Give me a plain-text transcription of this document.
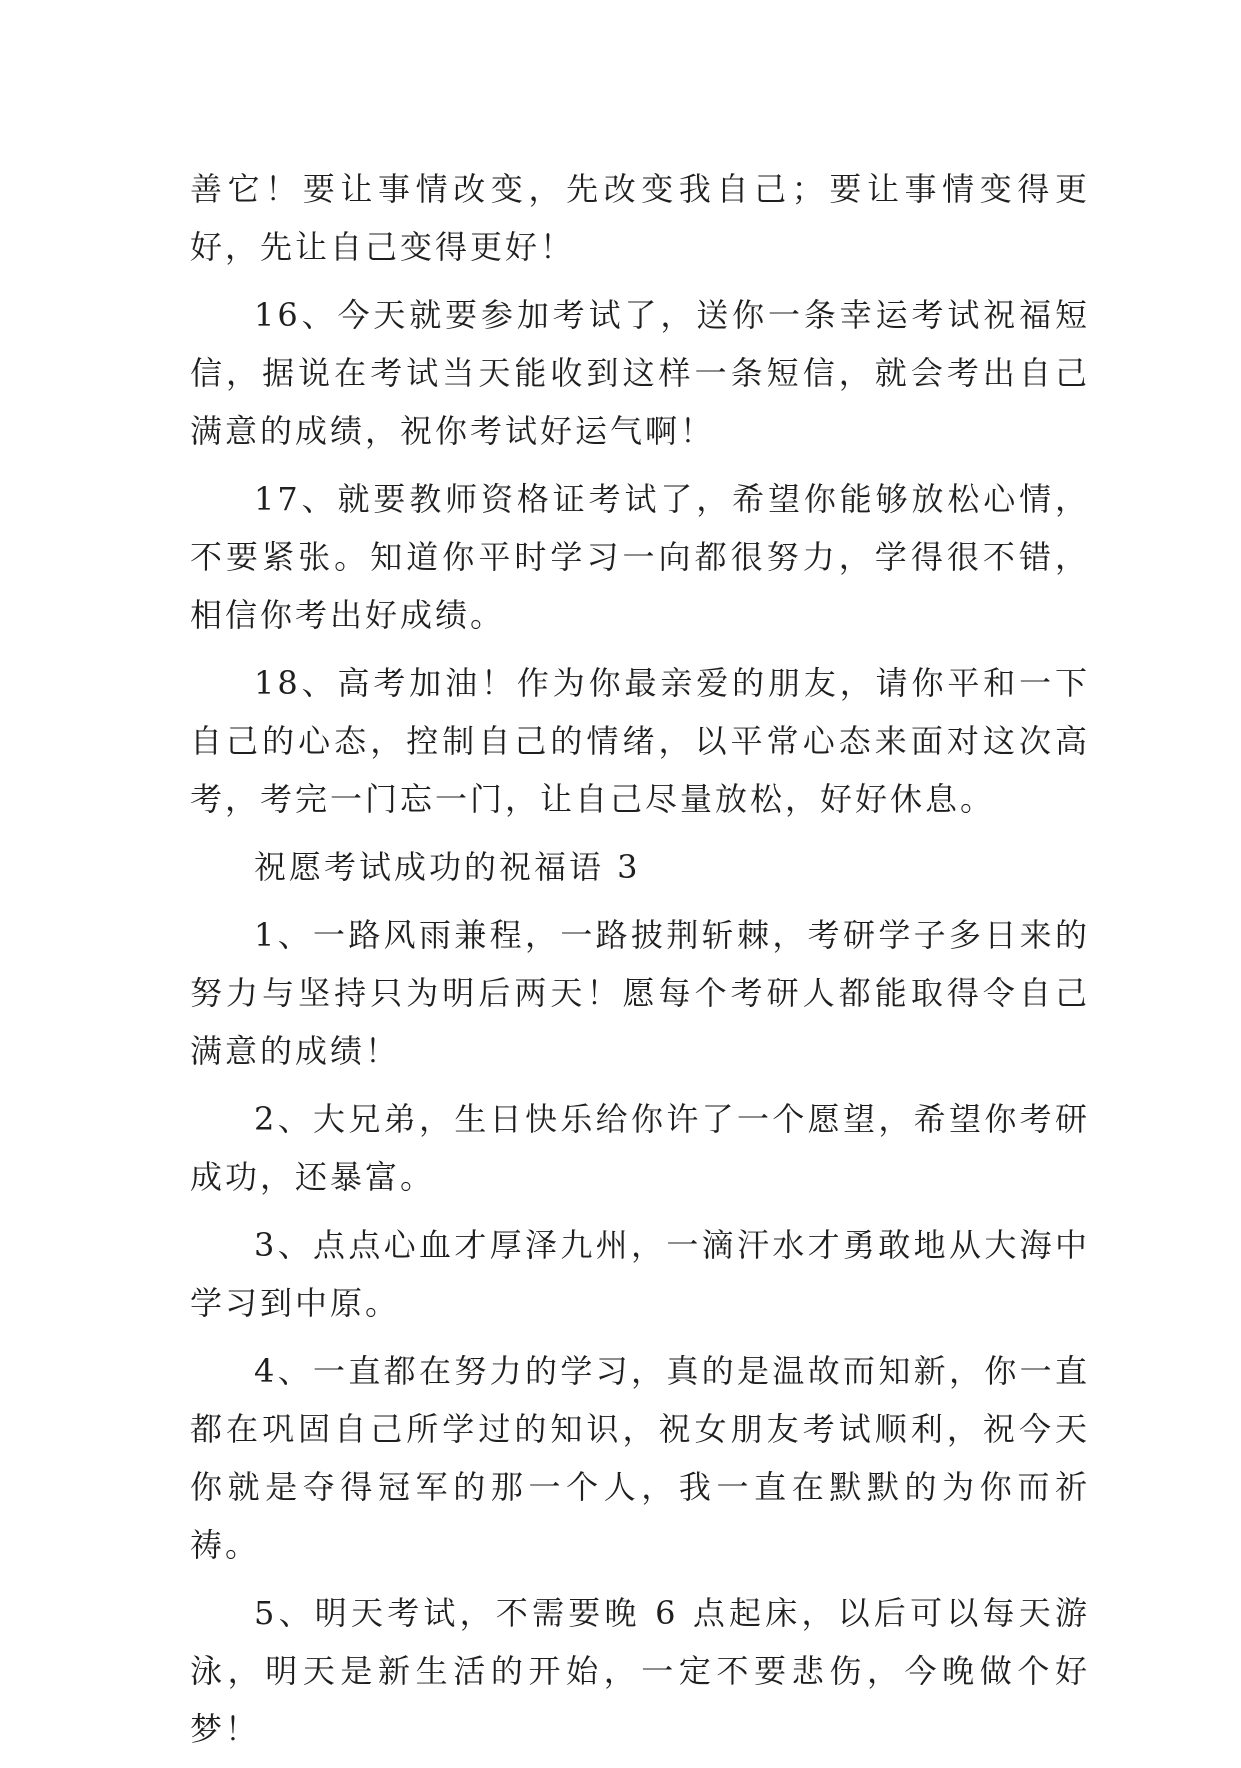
善它！要让事情改变，先改变我自己；要让事情变得更好，先让自己变得更好！

16、今天就要参加考试了，送你一条幸运考试祝福短信，据说在考试当天能收到这样一条短信，就会考出自己满意的成绩，祝你考试好运气啊！

17、就要教师资格证考试了，希望你能够放松心情，不要紧张。知道你平时学习一向都很努力，学得很不错，相信你考出好成绩。

18、高考加油！作为你最亲爱的朋友，请你平和一下自己的心态，控制自己的情绪，以平常心态来面对这次高考，考完一门忘一门，让自己尽量放松，好好休息。

祝愿考试成功的祝福语 3

1、一路风雨兼程，一路披荆斩棘，考研学子多日来的努力与坚持只为明后两天！愿每个考研人都能取得令自己满意的成绩！

2、大兄弟，生日快乐给你许了一个愿望，希望你考研成功，还暴富。

3、点点心血才厚泽九州，一滴汗水才勇敢地从大海中学习到中原。

4、一直都在努力的学习，真的是温故而知新，你一直都在巩固自己所学过的知识，祝女朋友考试顺利，祝今天你就是夺得冠军的那一个人，我一直在默默的为你而祈祷。

5、明天考试，不需要晚 6 点起床，以后可以每天游泳，明天是新生活的开始，一定不要悲伤，今晚做个好梦！
